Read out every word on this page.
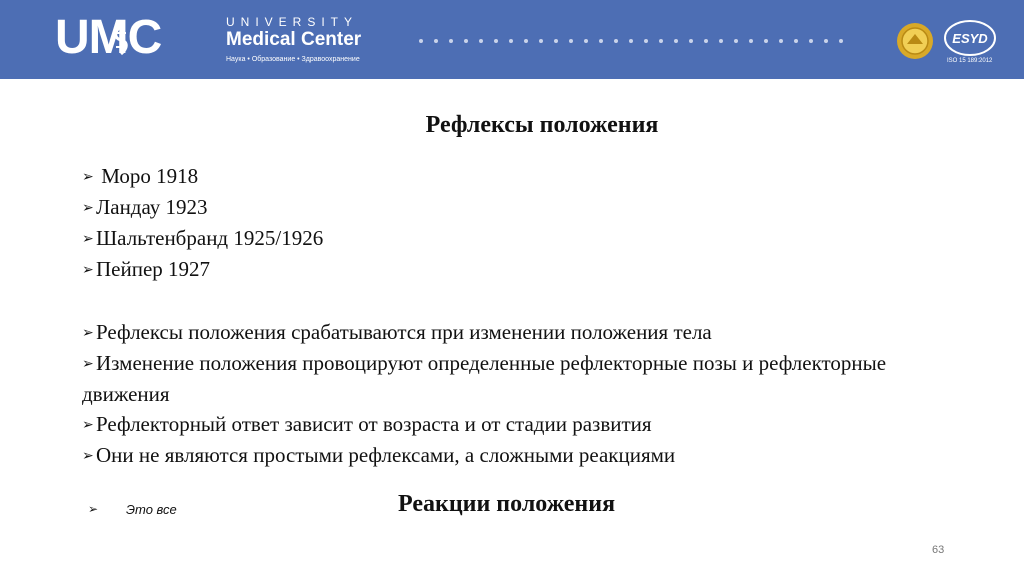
UMC	UNIVERSITY
Medical Center
Наука • Образование • Здравоохранение
ESYD
ISO 15 189:2012
Рефлексы положения
➢ Моро 1918
➢ Ландау 1923
➢ Шальтенбранд 1925/1926
➢ Пейпер 1927
➢ Рефлексы положения срабатываются при изменении положения тела
➢ Изменение положения провоцируют определенные рефлекторные позы и рефлекторные движения
➢ Рефлекторный ответ зависит от возраста и от стадии развития
➢ Они не являются простыми рефлексами, а сложными реакциями
➢ Это все	Реакции положения
63
